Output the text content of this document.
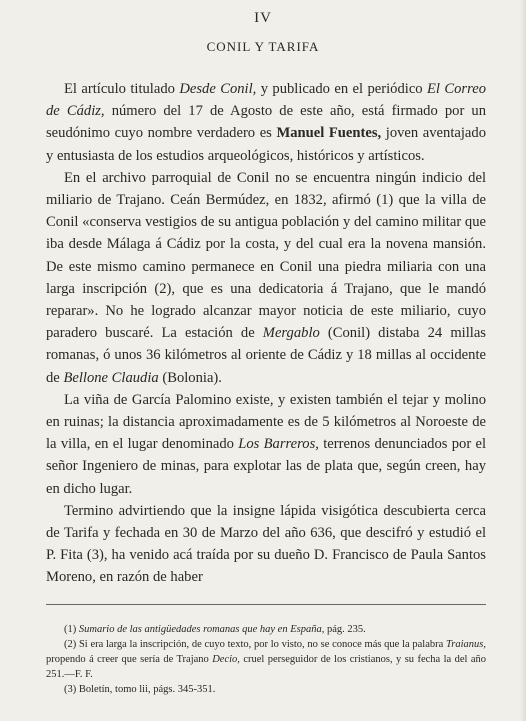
IV
CONIL Y TARIFA

El artículo titulado Desde Conil, y publicado en el periódico El Correo de Cádiz, número del 17 de Agosto de este año, está firmado por un seudónimo cuyo nombre verdadero es Manuel Fuentes, joven aventajado y entusiasta de los estudios arqueológicos, históricos y artísticos.

En el archivo parroquial de Conil no se encuentra ningún indicio del miliario de Trajano. Ceán Bermúdez, en 1832, afirmó (1) que la villa de Conil «conserva vestigios de su antigua población y del camino militar que iba desde Málaga á Cádiz por la costa, y del cual era la novena mansión. De este mismo camino permanece en Conil una piedra miliaria con una larga inscripción (2), que es una dedicatoria á Trajano, que le mandó reparar». No he logrado alcanzar mayor noticia de este miliario, cuyo paradero buscaré. La estación de Mergablo (Conil) distaba 24 millas romanas, ó unos 36 kilómetros al oriente de Cádiz y 18 millas al occidente de Bellone Claudia (Bolonia).

La viña de García Palomino existe, y existen también el tejar y molino en ruinas; la distancia aproximadamente es de 5 kilómetros al Noroeste de la villa, en el lugar denominado Los Barreros, terrenos denunciados por el señor Ingeniero de minas, para explotar las de plata que, según creen, hay en dicho lugar.

Termino advirtiendo que la insigne lápida visigótica descubierta cerca de Tarifa y fechada en 30 de Marzo del año 636, que descifró y estudió el P. Fita (3), ha venido acá traída por su dueño D. Francisco de Paula Santos Moreno, en razón de haber

(1) Sumario de las antigüedades romanas que hay en España, pág. 235.

(2) Si era larga la inscripción, de cuyo texto, por lo visto, no se conoce más que la palabra Traianus, propendo á creer que sería de Trajano Decio, cruel perseguidor de los cristianos, y su fecha la del año 251.—F. F.

(3) Boletín, tomo lii, págs. 345-351.
